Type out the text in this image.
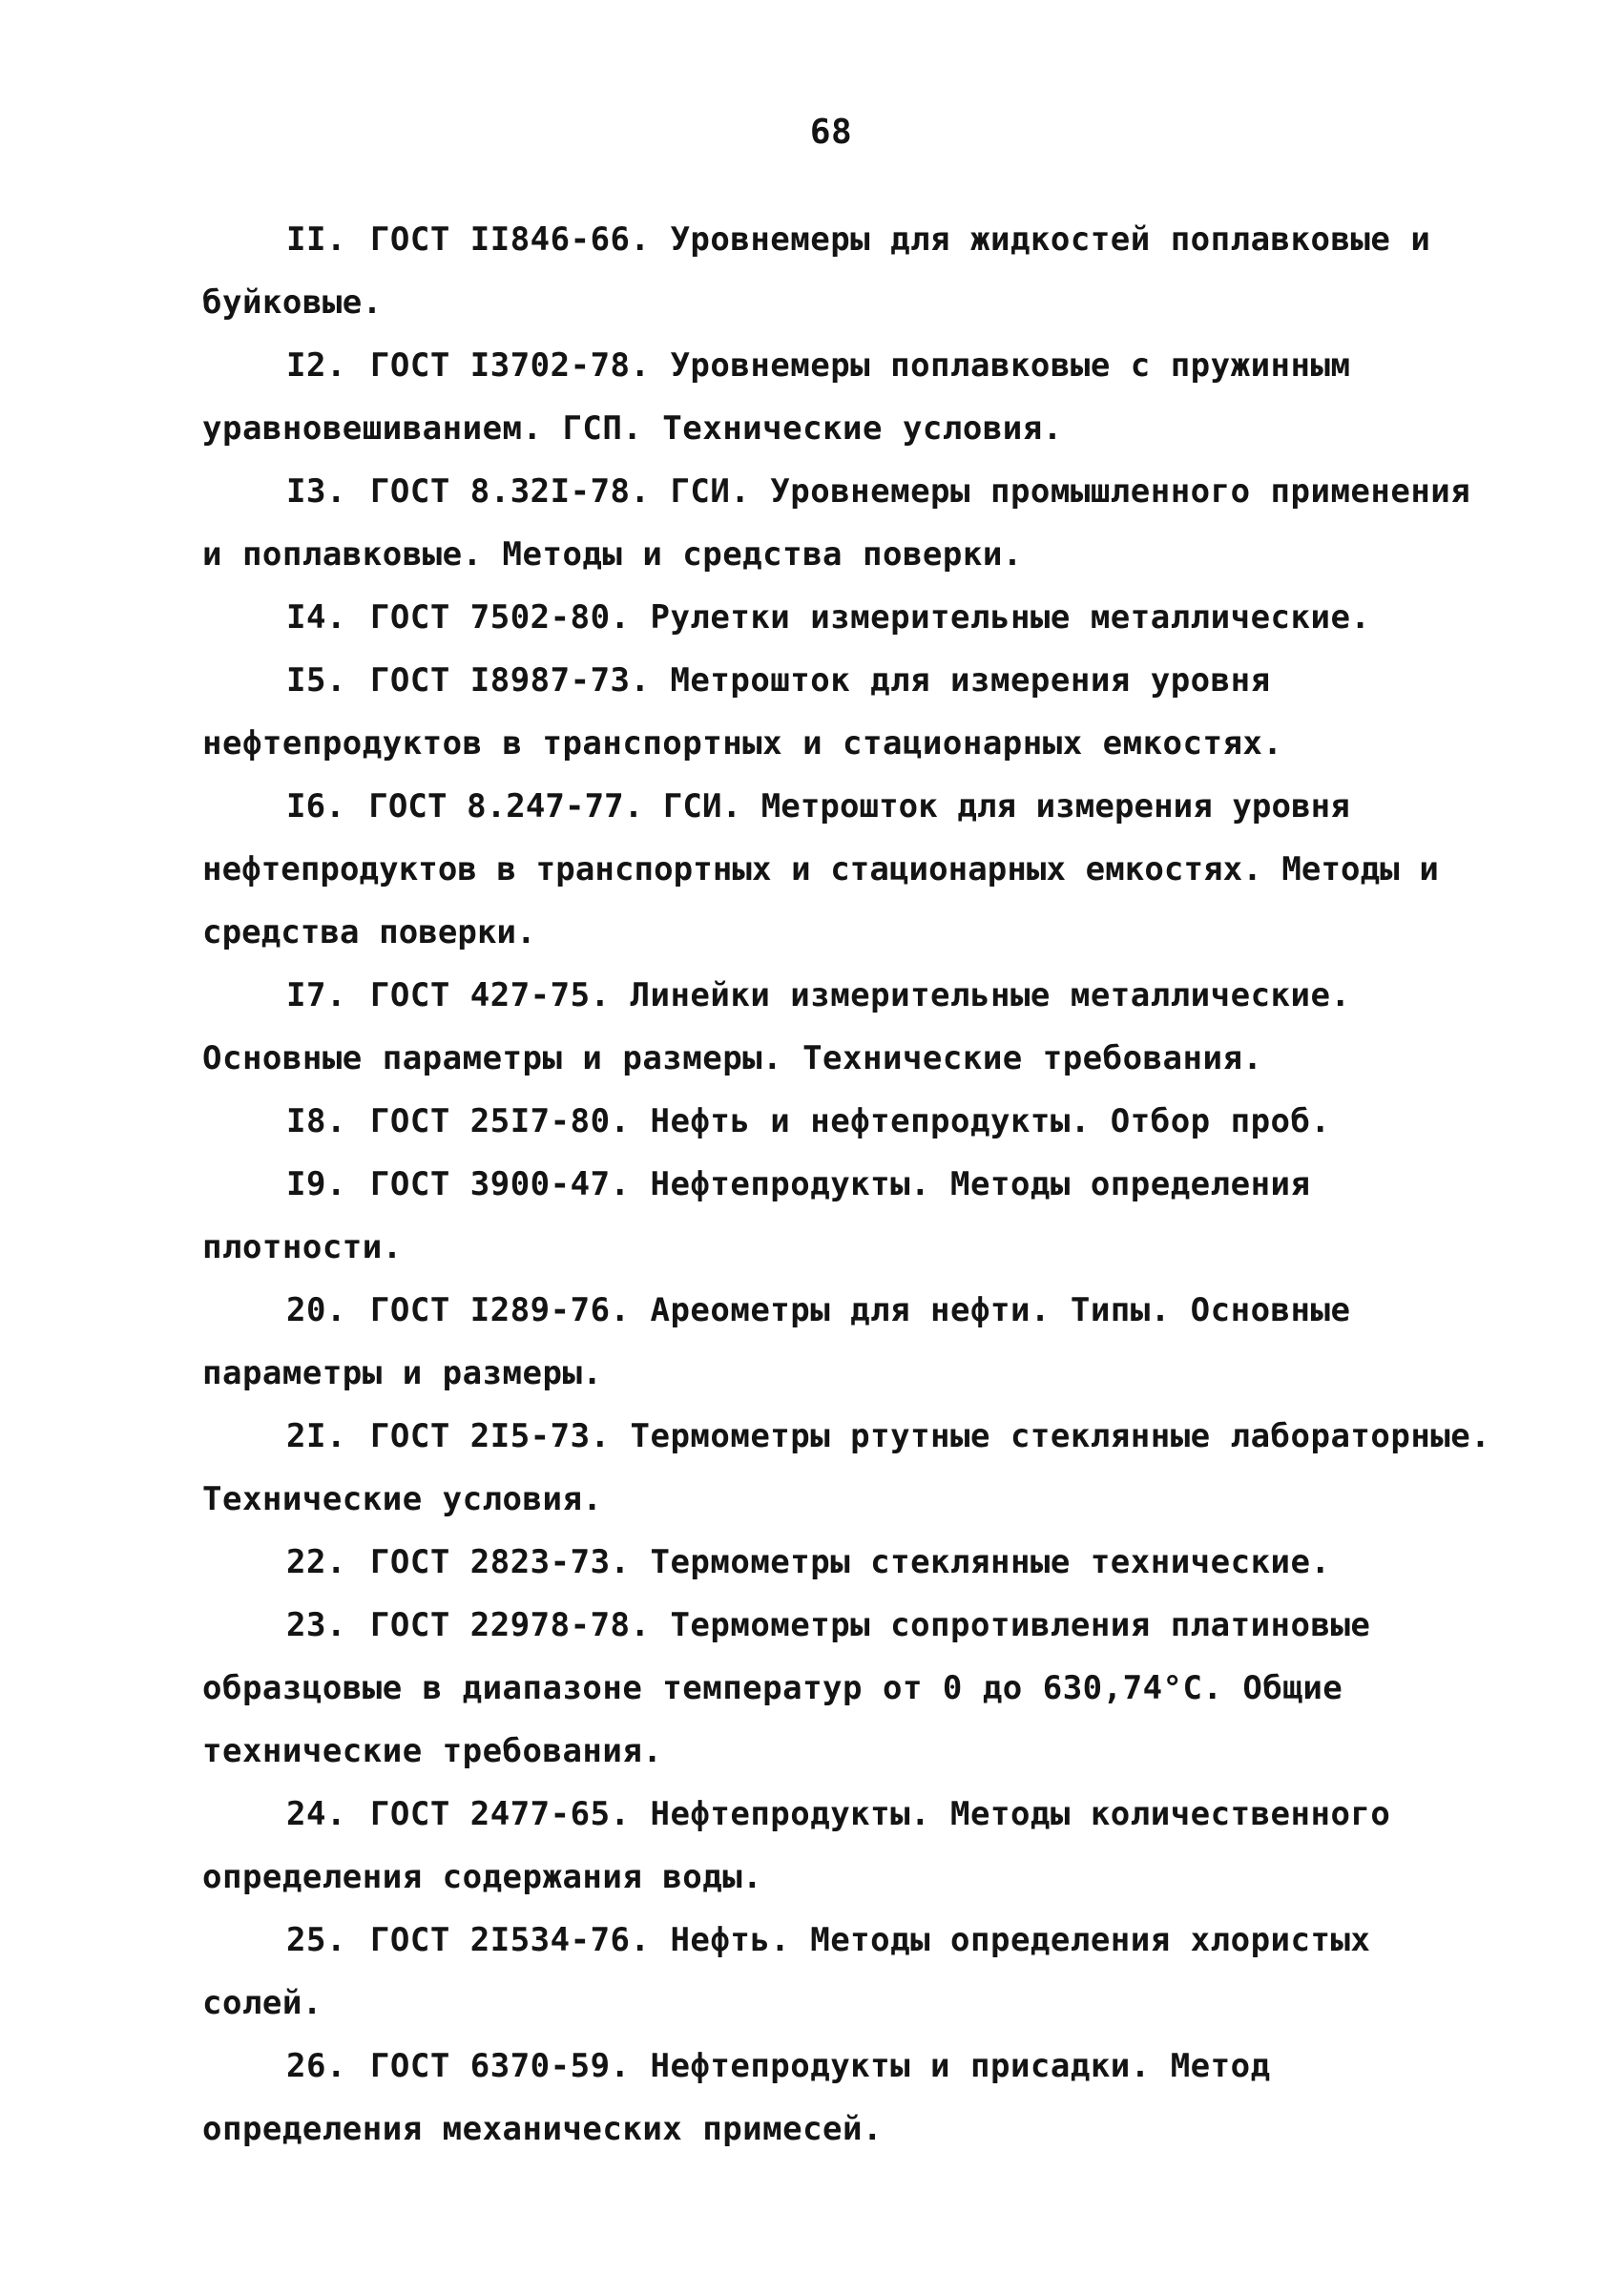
68

II. ГОСТ II846-66. Уровнемеры для жидкостей поплавковые и буйковые.

I2. ГОСТ I3702-78. Уровнемеры поплавковые с пружинным уравновешиванием. ГСП. Технические условия.

I3. ГОСТ 8.32I-78. ГСИ. Уровнемеры промышленного применения и поплавковые. Методы и средства поверки.

I4. ГОСТ 7502-80. Рулетки измерительные металлические.

I5. ГОСТ I8987-73. Метрошток для измерения уровня нефтепродуктов в транспортных и стационарных емкостях.

I6. ГОСТ 8.247-77. ГСИ. Метрошток для измерения уровня нефтепродуктов в транспортных и стационарных емкостях. Методы и средства поверки.

I7. ГОСТ 427-75. Линейки измерительные металлические. Основные параметры и размеры. Технические требования.

I8. ГОСТ 25I7-80. Нефть и нефтепродукты. Отбор проб.

I9. ГОСТ 3900-47. Нефтепродукты. Методы определения плотности.

20. ГОСТ I289-76. Ареометры для нефти. Типы. Основные параметры и размеры.

2I. ГОСТ 2I5-73. Термометры ртутные стеклянные лабораторные. Технические условия.

22. ГОСТ 2823-73. Термометры стеклянные технические.

23. ГОСТ 22978-78. Термометры сопротивления платиновые образцовые в диапазоне температур от 0 до 630,74°С. Общие технические требования.

24. ГОСТ 2477-65. Нефтепродукты. Методы количественного определения содержания воды.

25. ГОСТ 2I534-76. Нефть. Методы определения хлористых солей.

26. ГОСТ 6370-59. Нефтепродукты и присадки. Метод определения механических примесей.
